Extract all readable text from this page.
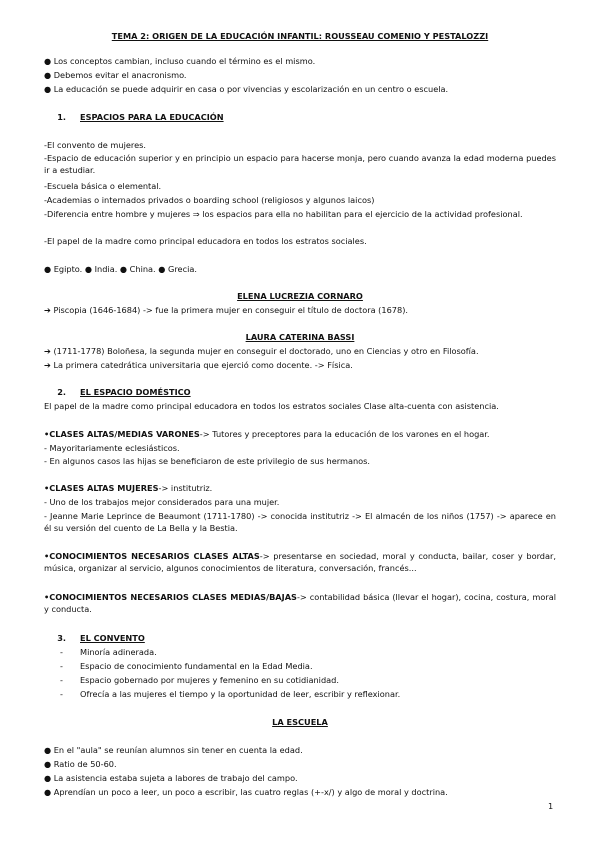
TEMA 2: ORIGEN DE LA EDUCACIÓN INFANTIL: ROUSSEAU COMENIO Y PESTALOZZI
● Los conceptos cambian, incluso cuando el término es el mismo.
● Debemos evitar el anacronismo.
● La educación se puede adquirir en casa o por vivencias y escolarización en un centro o escuela.
1. ESPACIOS PARA LA EDUCACIÓN
-El convento de mujeres.
-Espacio de educación superior y en principio un espacio para hacerse monja, pero cuando avanza la edad moderna puedes ir a estudiar.
-Escuela básica o elemental.
-Academias o internados privados o boarding school (religiosos y algunos laicos)
-Diferencia entre hombre y mujeres ⇒ los espacios para ella no habilitan para el ejercicio de la actividad profesional.
-El papel de la madre como principal educadora en todos los estratos sociales.
● Egipto. ● India. ● China. ● Grecia.
ELENA LUCREZIA CORNARO
➔ Piscopia (1646-1684) -> fue la primera mujer en conseguir el título de doctora (1678).
LAURA CATERINA BASSI
➔ (1711-1778) Boloñesa, la segunda mujer en conseguir el doctorado, uno en Ciencias y otro en Filosofía.
➔ La primera catedrática universitaria que ejerció como docente. -> Física.
2. EL ESPACIO DOMÉSTICO
El papel de la madre como principal educadora en todos los estratos sociales Clase alta-cuenta con asistencia.
•CLASES ALTAS/MEDIAS VARONES-> Tutores y preceptores para la educación de los varones en el hogar.
- Mayoritariamente eclesiásticos.
- En algunos casos las hijas se beneficiaron de este privilegio de sus hermanos.
•CLASES ALTAS MUJERES-> institutriz.
- Uno de los trabajos mejor considerados para una mujer.
- Jeanne Marie Leprince de Beaumont (1711-1780) -> conocida institutriz -> El almacén de los niños (1757) -> aparece en él su versión del cuento de La Bella y la Bestia.
•CONOCIMIENTOS NECESARIOS CLASES ALTAS-> presentarse en sociedad, moral y conducta, bailar, coser y bordar, música, organizar al servicio, algunos conocimientos de literatura, conversación, francés...
•CONOCIMIENTOS NECESARIOS CLASES MEDIAS/BAJAS-> contabilidad básica (llevar el hogar), cocina, costura, moral y conducta.
3. EL CONVENTO
- Minoría adinerada.
- Espacio de conocimiento fundamental en la Edad Media.
- Espacio gobernado por mujeres y femenino en su cotidianidad.
- Ofrecía a las mujeres el tiempo y la oportunidad de leer, escribir y reflexionar.
LA ESCUELA
● En el "aula" se reunían alumnos sin tener en cuenta la edad.
● Ratio de 50-60.
● La asistencia estaba sujeta a labores de trabajo del campo.
● Aprendían un poco a leer, un poco a escribir, las cuatro reglas (+-x/) y algo de moral y doctrina.
1
